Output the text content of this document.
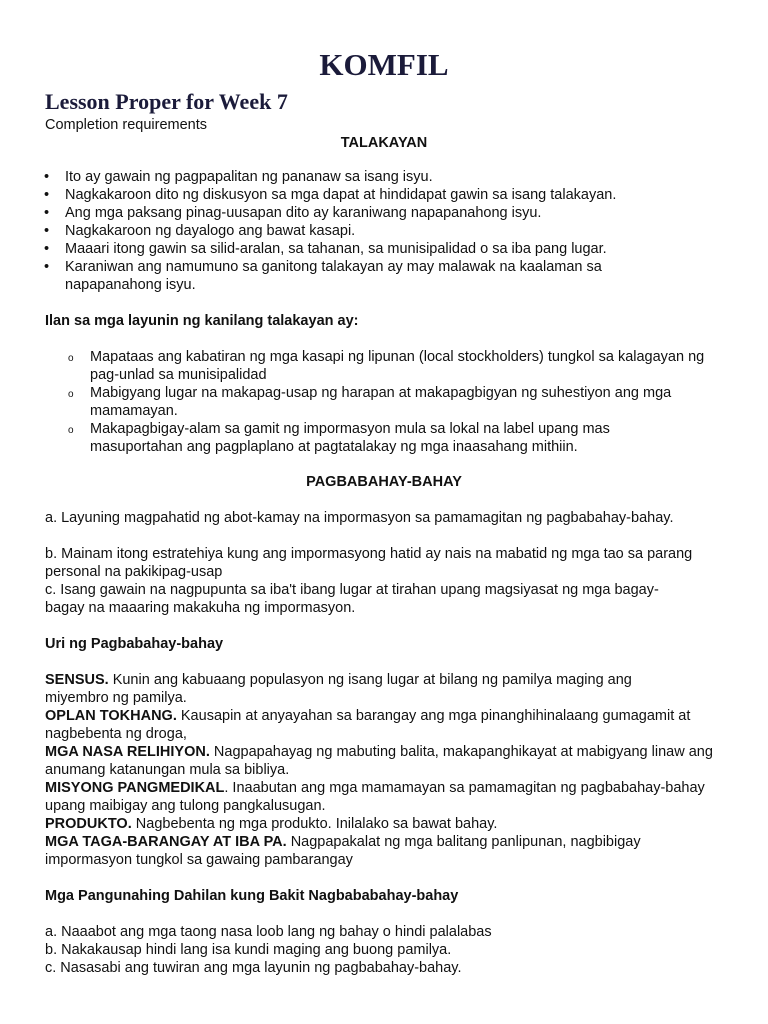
KOMFIL
Lesson Proper for Week 7
Completion requirements
TALAKAYAN
• Ito ay gawain ng pagpapalitan ng pananaw sa isang isyu.
• Nagkakaroon dito ng diskusyon sa mga dapat at hindidapat gawin sa isang talakayan.
• Ang mga paksang pinag-uusapan dito ay karaniwang napapanahong isyu.
• Nagkakaroon ng dayalogo ang bawat kasapi.
• Maaari itong gawin sa silid-aralan, sa tahanan, sa munisipalidad o sa iba pang lugar.
• Karaniwan ang namumuno sa ganitong talakayan ay may malawak na kaalaman sa napapanahong isyu.
Ilan sa mga layunin ng kanilang talakayan ay:
o Mapataas ang kabatiran ng mga kasapi ng lipunan (local stockholders) tungkol sa kalagayan ng pag-unlad sa munisipalidad
o Mabigyang lugar na makapag-usap ng harapan at makapagbigyan ng suhestiyon ang mga mamamayan.
o Makapagbigay-alam sa gamit ng impormasyon mula sa lokal na label upang mas masuportahan ang pagplaplano at pagtatalakay ng mga inaasahang mithiin.
PAGBABAHAY-BAHAY

a. Layuning magpahatid ng abot-kamay na impormasyon sa pamamagitan ng pagbabahay-bahay.

b. Mainam itong estratehiya kung ang impormasyong hatid ay nais na mabatid ng mga tao sa parang personal na pakikipag-usap

c. Isang gawain na nagpupunta sa iba't ibang lugar at tirahan upang magsiyasat ng mga bagay-bagay na maaaring makakuha ng impormasyon.

Uri ng Pagbabahay-bahay

SENSUS. Kunin ang kabuaang populasyon ng isang lugar at bilang ng pamilya maging ang miyembro ng pamilya.

OPLAN TOKHANG. Kausapin at anyayahan sa barangay ang mga pinanghihinalaang gumagamit at nagbebenta ng droga,

MGA NASA RELIHIYON. Nagpapahayag ng mabuting balita, makapanghikayat at mabigyang linaw ang anumang katanungan mula sa bibliya.

MISYONG PANGMEDIKAL. Inaabutan ang mga mamamayan sa pamamagitan ng pagbabahay-bahay upang maibigay ang tulong pangkalusugan.

PRODUKTO. Nagbebenta ng mga produkto. Inilalako sa bawat bahay.

MGA TAGA-BARANGAY AT IBA PA. Nagpapakalat ng mga balitang panlipunan, nagbibigay impormasyon tungkol sa gawaing pambarangay

Mga Pangunahing Dahilan kung Bakit Nagbababahay-bahay

a. Naaabot ang mga taong nasa loob lang ng bahay o hindi palalabas

b. Nakakausap hindi lang isa kundi maging ang buong pamilya.

c. Nasasabi ang tuwiran ang mga layunin ng pagbabahay-bahay.
